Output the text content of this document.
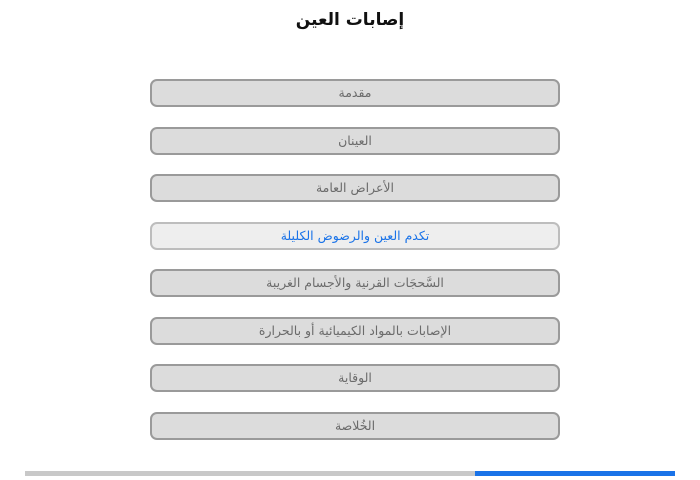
إصابات العين
مقدمة
العينان
الأعراض العامة
تكدم العين والرضوض الكليلة
السَّحجَات القرنية والأجسام الغريبة
الإصابات بالمواد الكيميائية أو بالحرارة
الوقاية
الخُلاصة
